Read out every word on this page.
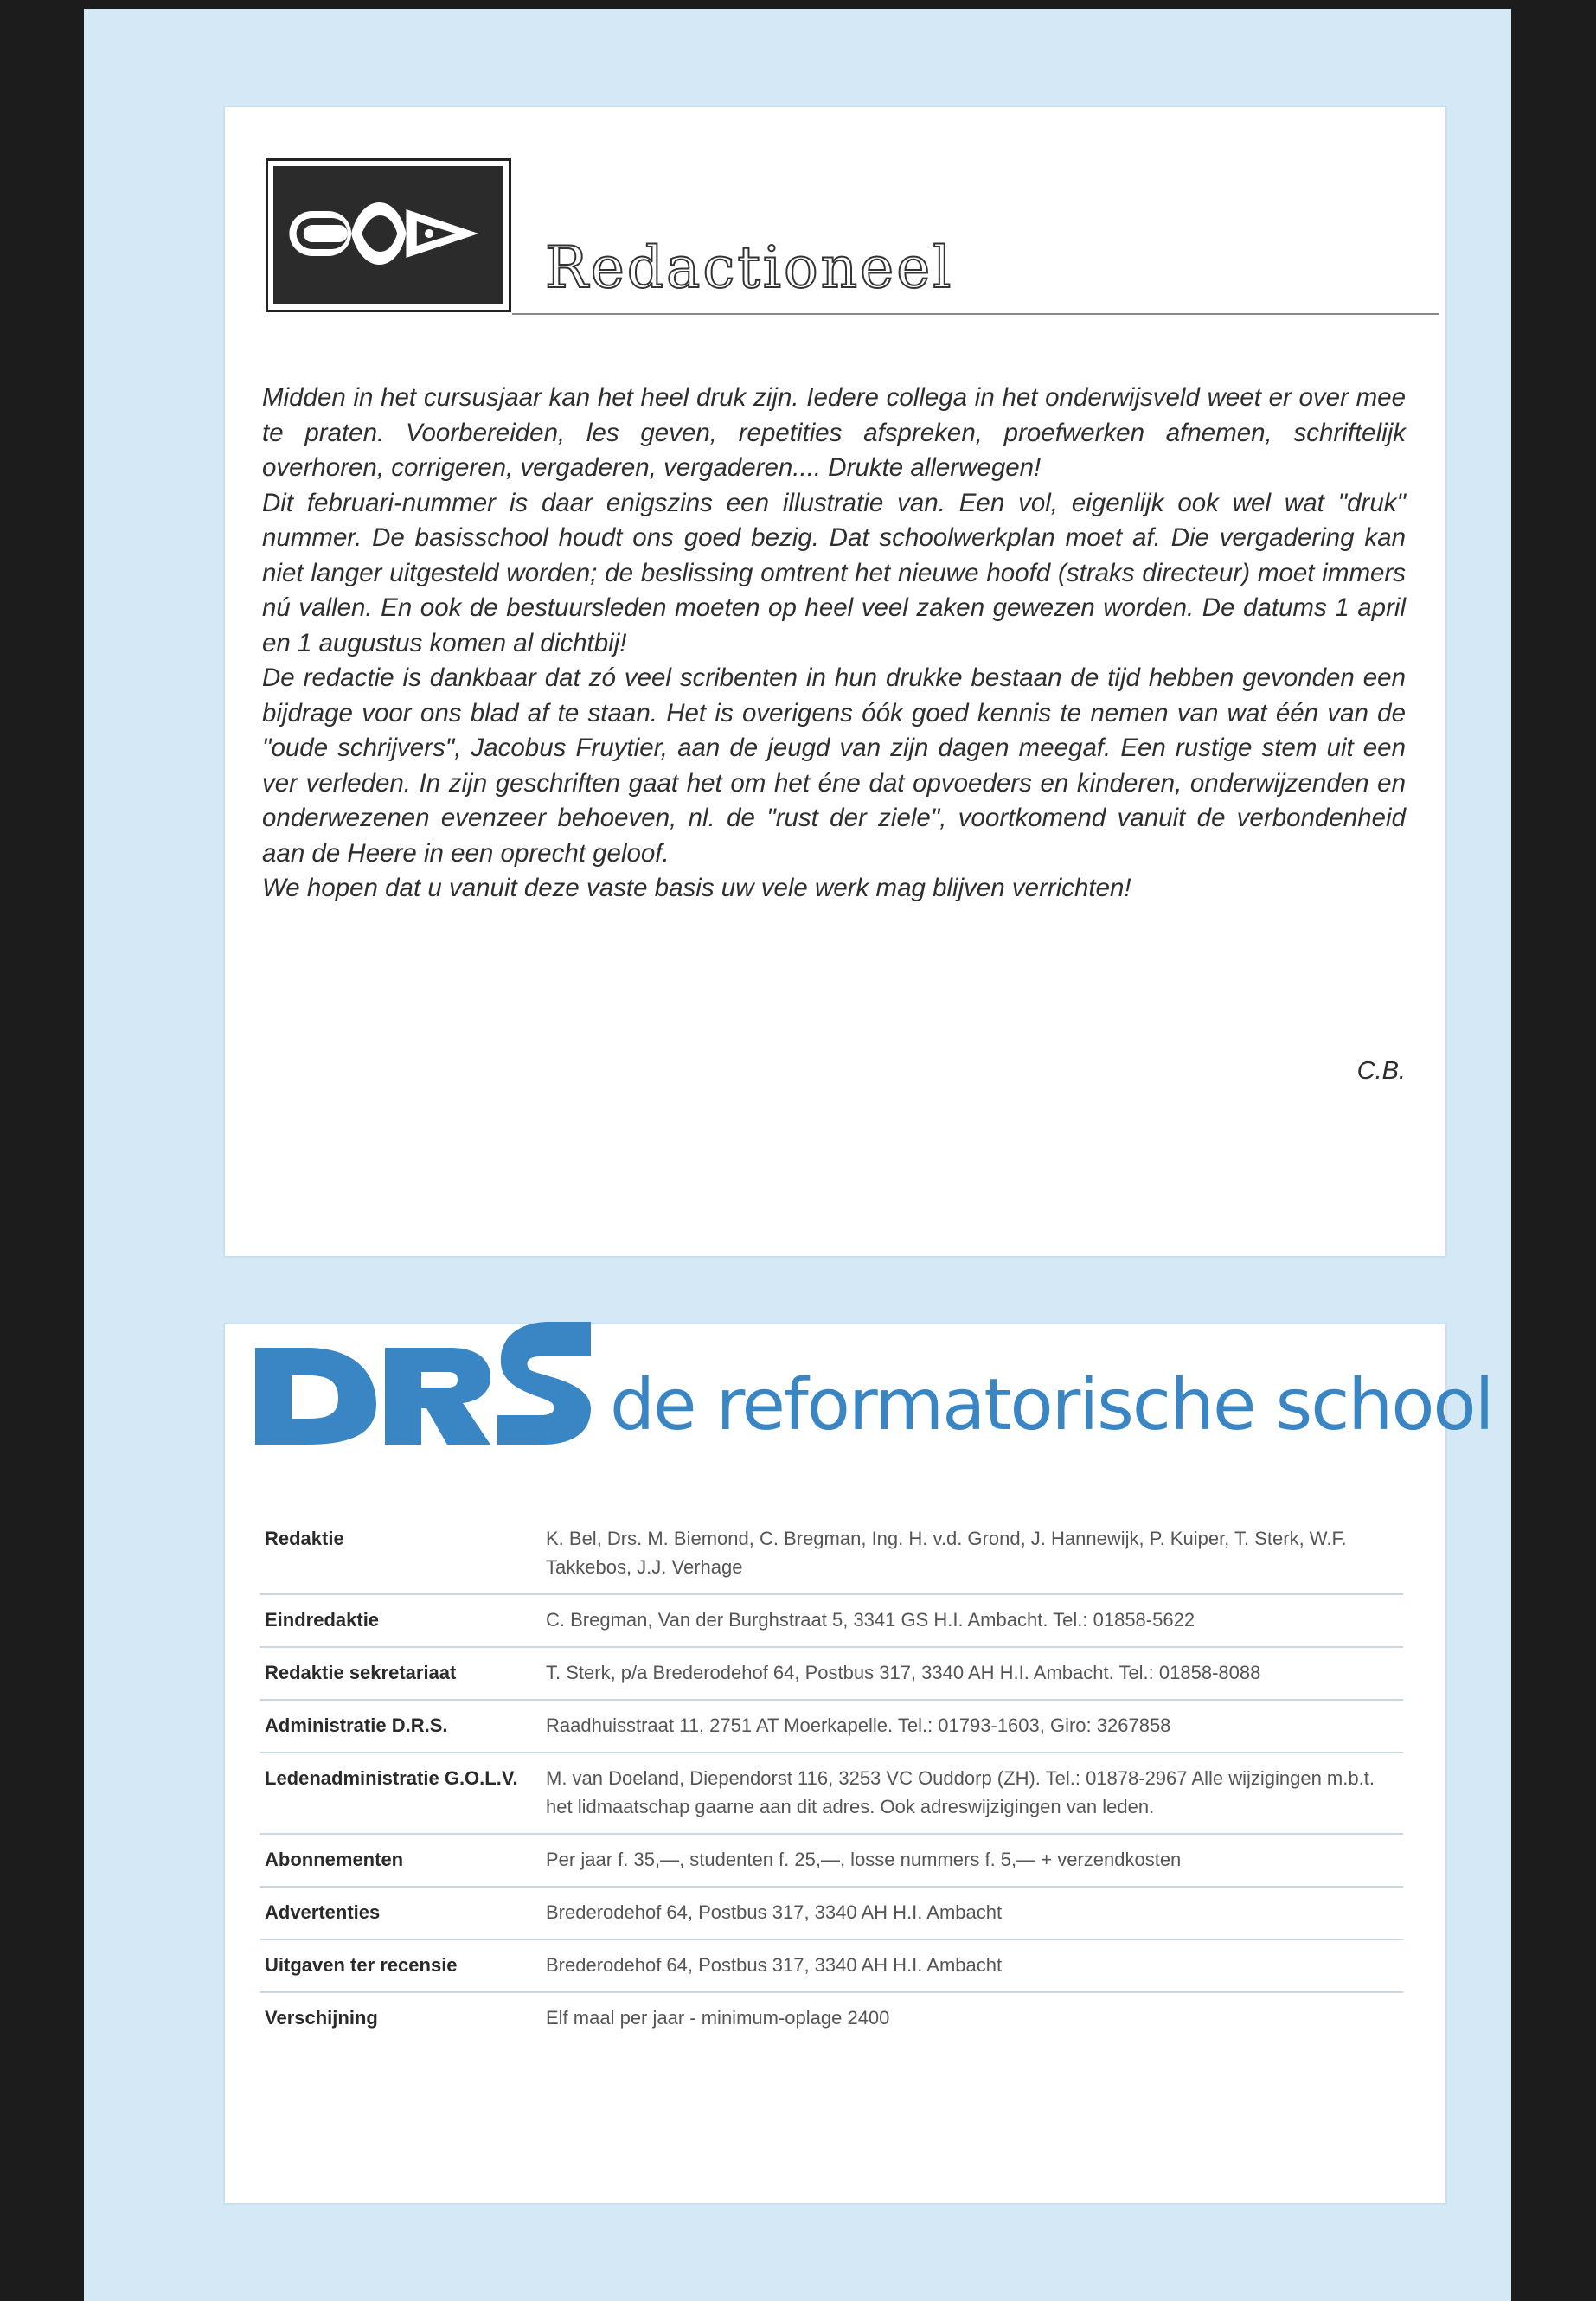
Redactioneel

Midden in het cursusjaar kan het heel druk zijn. Iedere collega in het onderwijsveld weet er over mee te praten. Voorbereiden, les geven, repetities afspreken, proefwerken afnemen, schriftelijk overhoren, corrigeren, vergaderen, vergaderen.... Drukte allerwegen!

Dit februari-nummer is daar enigszins een illustratie van. Een vol, eigenlijk ook wel wat "druk" nummer. De basisschool houdt ons goed bezig. Dat schoolwerkplan moet af. Die vergadering kan niet langer uitgesteld worden; de beslissing omtrent het nieuwe hoofd (straks directeur) moet immers nú vallen. En ook de bestuursleden moeten op heel veel zaken gewezen worden. De datums 1 april en 1 augustus komen al dichtbij!

De redactie is dankbaar dat zó veel scribenten in hun drukke bestaan de tijd hebben gevonden een bijdrage voor ons blad af te staan. Het is overigens óók goed kennis te nemen van wat één van de "oude schrijvers", Jacobus Fruytier, aan de jeugd van zijn dagen meegaf. Een rustige stem uit een ver verleden. In zijn geschriften gaat het om het éne dat opvoeders en kinderen, onderwijzenden en onderwezenen evenzeer behoeven, nl. de "rust der ziele", voortkomend vanuit de verbondenheid aan de Heere in een oprecht geloof.

We hopen dat u vanuit deze vaste basis uw vele werk mag blijven verrichten!

C.B.
de reformatorische school
Redaktie	K. Bel, Drs. M. Biemond, C. Bregman, Ing. H. v.d. Grond, J. Hannewijk, P. Kuiper, T. Sterk, W.F. Takkebos, J.J. Verhage
Eindredaktie	C. Bregman, Van der Burghstraat 5, 3341 GS H.I. Ambacht. Tel.: 01858-5622
Redaktie sekretariaat	T. Sterk, p/a Brederodehof 64, Postbus 317, 3340 AH H.I. Ambacht. Tel.: 01858-8088
Administratie D.R.S.	Raadhuisstraat 11, 2751 AT Moerkapelle. Tel.: 01793-1603, Giro: 3267858
Ledenadministratie G.O.L.V.	M. van Doeland, Diependorst 116, 3253 VC Ouddorp (ZH). Tel.: 01878-2967 Alle wijzigingen m.b.t. het lidmaatschap gaarne aan dit adres. Ook adreswijzigingen van leden.
Abonnementen	Per jaar f. 35,—, studenten f. 25,—, losse nummers f. 5,— + verzendkosten
Advertenties	Brederodehof 64, Postbus 317, 3340 AH H.I. Ambacht
Uitgaven ter recensie	Brederodehof 64, Postbus 317, 3340 AH H.I. Ambacht
Verschijning	Elf maal per jaar - minimum-oplage 2400
